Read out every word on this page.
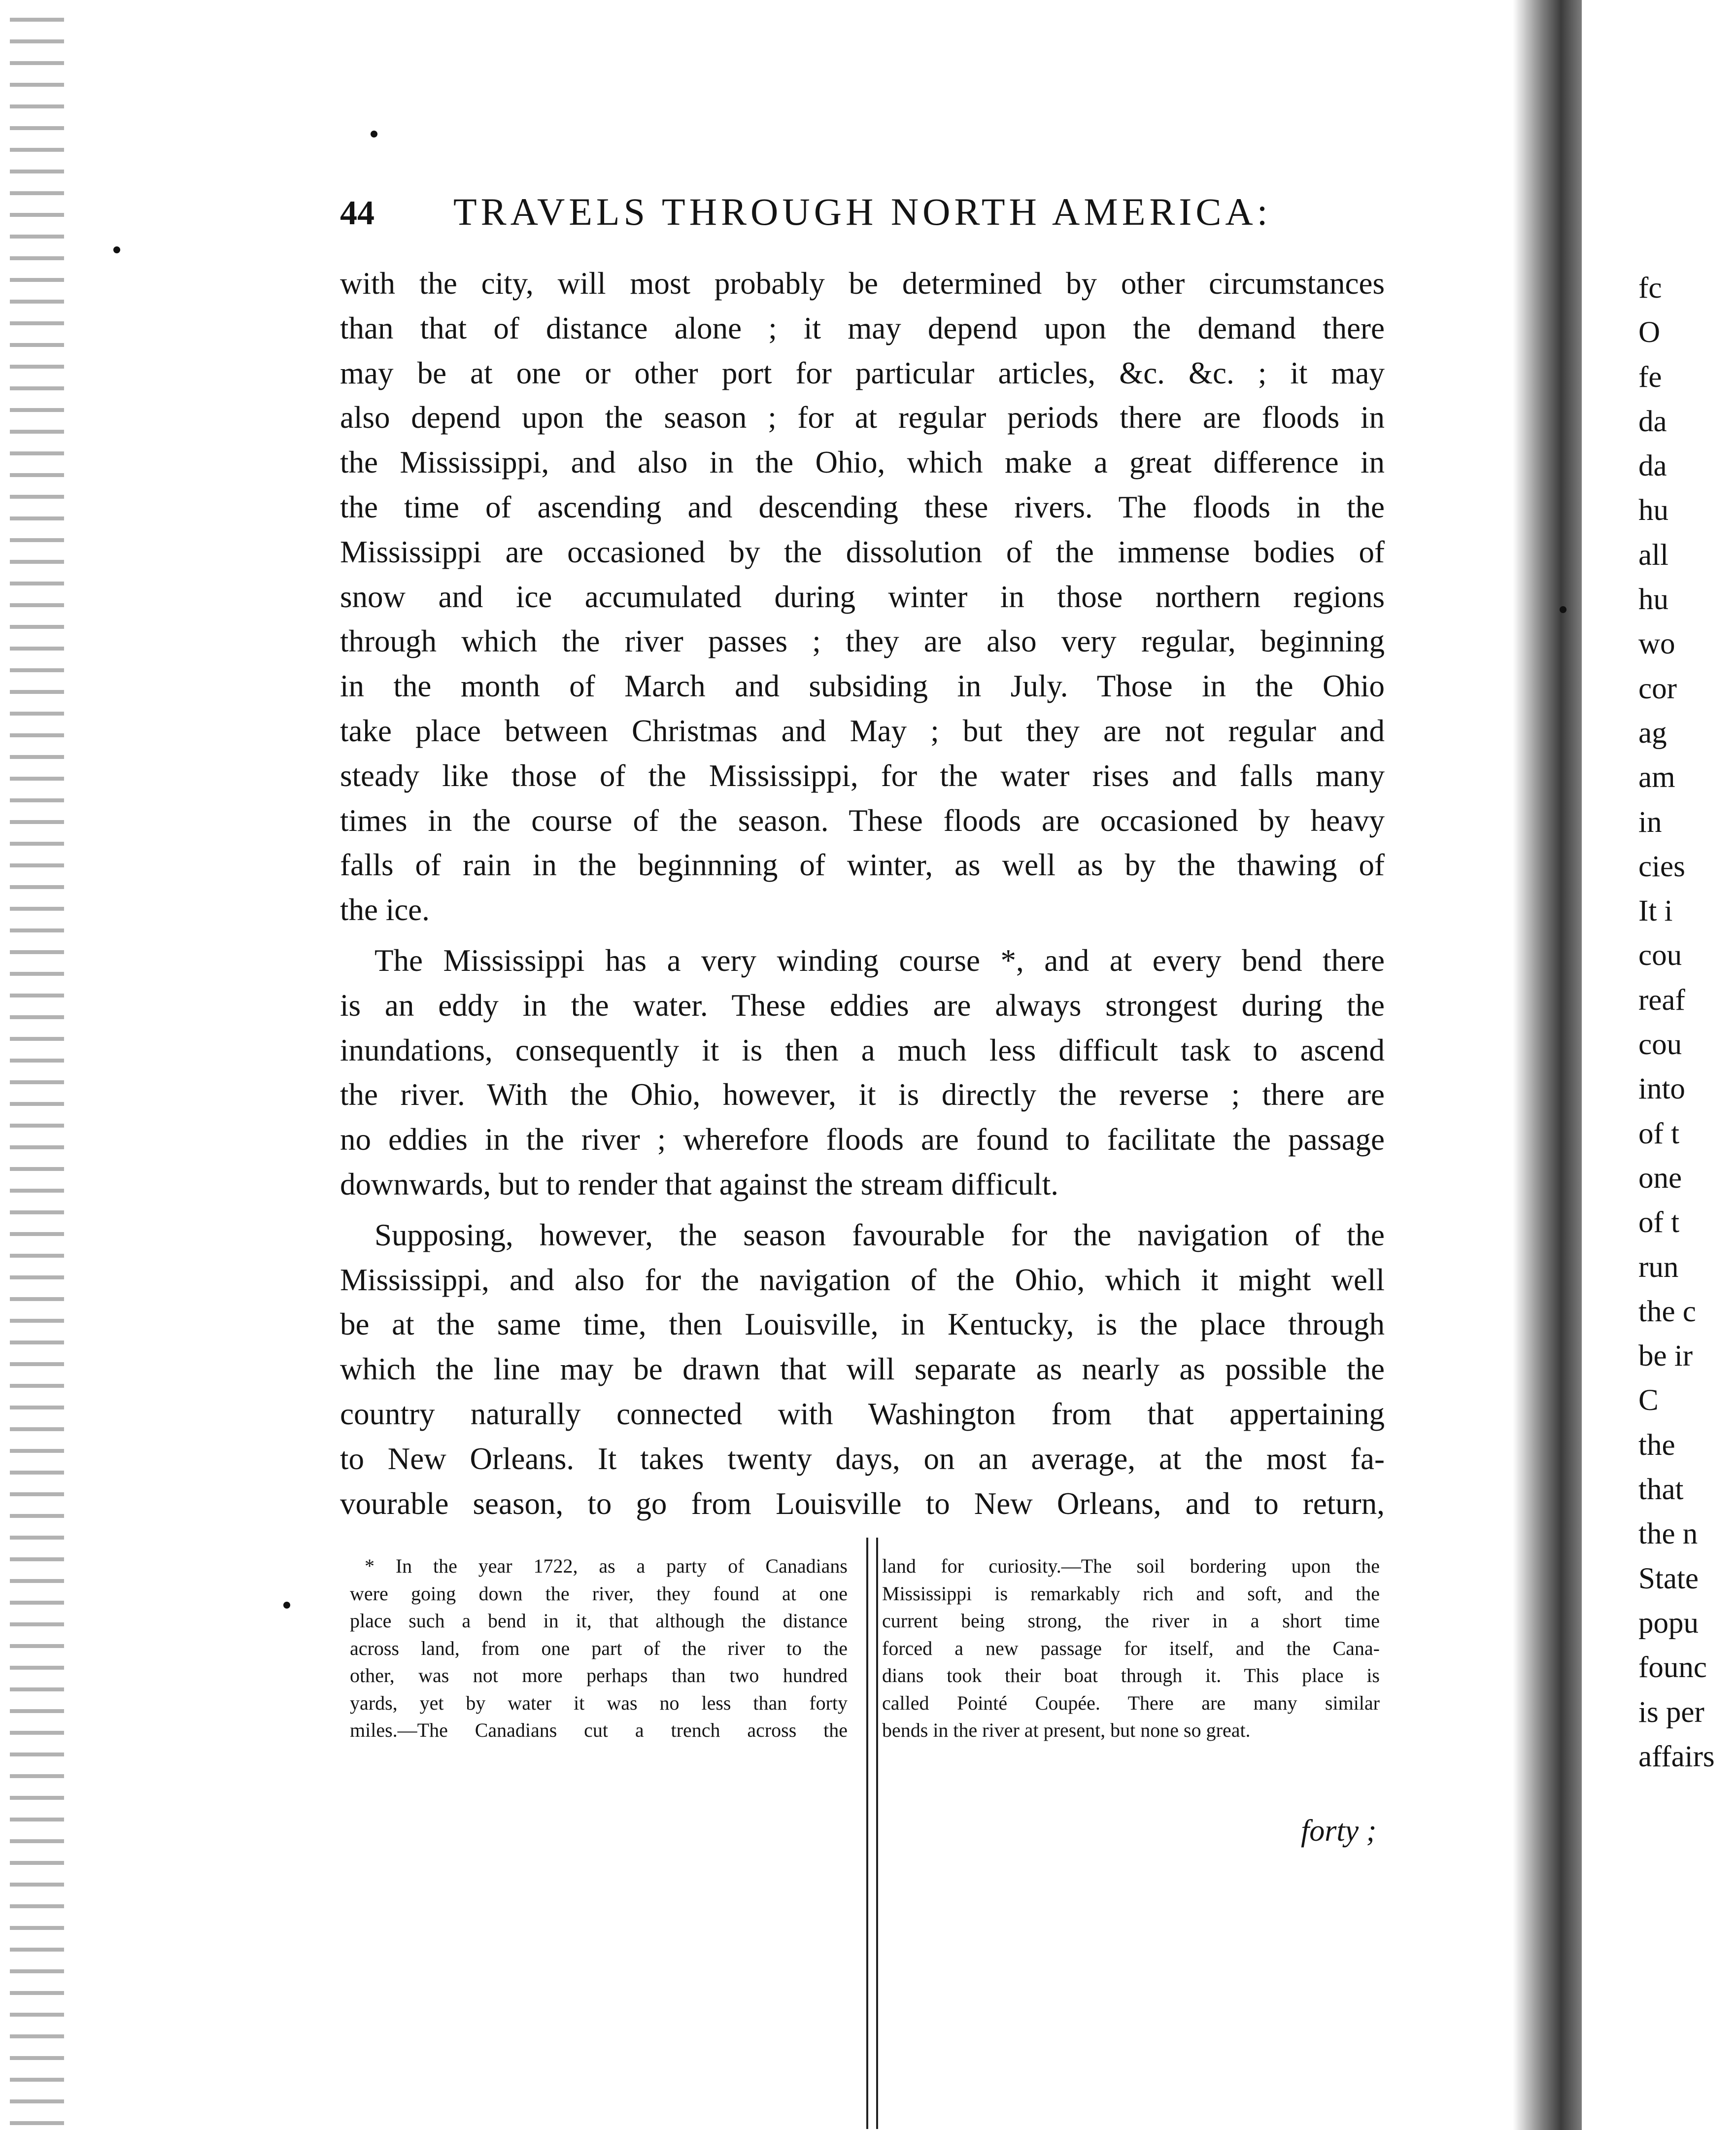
44 TRAVELS THROUGH NORTH AMERICA:
with the city, will most probably be determined by other circumstances
than that of distance alone ; it may depend upon the demand there
may be at one or other port for particular articles, &c. &c. ; it may
also depend upon the season ; for at regular periods there are floods in
the Mississippi, and also in the Ohio, which make a great difference in
the time of ascending and descending these rivers. The floods in the
Mississippi are occasioned by the dissolution of the immense bodies of
snow and ice accumulated during winter in those northern regions
through which the river passes ; they are also very regular, beginning
in the month of March and subsiding in July. Those in the Ohio
take place between Christmas and May ; but they are not regular and
steady like those of the Mississippi, for the water rises and falls many
times in the course of the season. These floods are occasioned by heavy
falls of rain in the beginnning of winter, as well as by the thawing of
the ice.
The Mississippi has a very winding course *, and at every bend there
is an eddy in the water. These eddies are always strongest during the
inundations, consequently it is then a much less difficult task to ascend
the river. With the Ohio, however, it is directly the reverse ; there are
no eddies in the river ; wherefore floods are found to facilitate the passage
downwards, but to render that against the stream difficult.
Supposing, however, the season favourable for the navigation of the
Mississippi, and also for the navigation of the Ohio, which it might well
be at the same time, then Louisville, in Kentucky, is the place through
which the line may be drawn that will separate as nearly as possible the
country naturally connected with Washington from that appertaining
to New Orleans. It takes twenty days, on an average, at the most fa-
vourable season, to go from Louisville to New Orleans, and to return,
* In the year 1722, as a party of Canadians
were going down the river, they found at one
place such a bend in it, that although the distance
across land, from one part of the river to the
other, was not more perhaps than two hundred
yards, yet by water it was no less than forty
miles.—The Canadians cut a trench across the
land for curiosity.—The soil bordering upon the
Mississippi is remarkably rich and soft, and the
current being strong, the river in a short time
forced a new passage for itself, and the Cana-
dians took their boat through it. This place is
called Pointé Coupée. There are many similar
bends in the river at present, but none so great.
forty ;
fc
O
fe
da
da
hu
all
hu
wo
cor
ag
am
in
cies
It i
cou
reaf
cou
into
of t
one
of t
run
the c
be ir
C
the
that
the n
State
popu
founc
is per
affairs
